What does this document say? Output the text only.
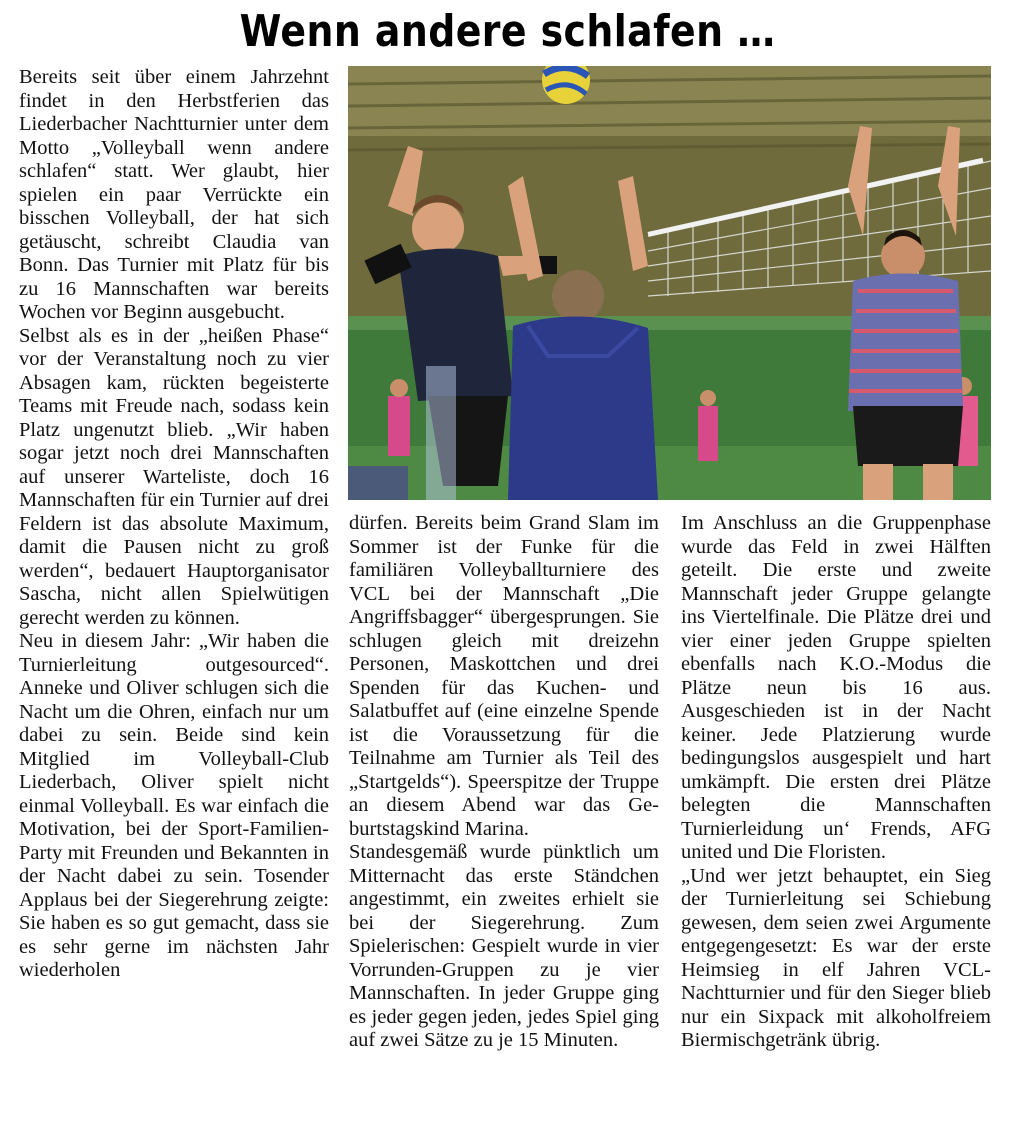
Wenn andere schlafen …

Bereits seit über einem Jahrzehnt findet in den Herbstferien das Liederbacher Nachtturnier unter dem Motto „Volleyball wenn andere schlafen“ statt. Wer glaubt, hier spielen ein paar Verrückte ein bisschen Volleyball, der hat sich getäuscht, schreibt Claudia van Bonn. Das Turnier mit Platz für bis zu 16 Mannschaften war bereits Wochen vor Beginn ausgebucht.

Selbst als es in der „heißen Phase“ vor der Veranstaltung noch zu vier Absagen kam, rückten begeisterte Teams mit Freude nach, sodass kein Platz ungenutzt blieb. „Wir haben sogar jetzt noch drei Mannschaften auf unserer Warteliste, doch 16 Mannschaften für ein Turnier auf drei Feldern ist das absolute Maximum, damit die Pausen nicht zu groß werden“, bedauert Hauptorganisator Sascha, nicht allen Spielwütigen gerecht werden zu können.

Neu in diesem Jahr: „Wir haben die Turnierleitung outgesourced“. Anneke und Oliver schlugen sich die Nacht um die Ohren, einfach nur um dabei zu sein. Beide sind kein Mitglied im Volleyball-Club Liederbach, Oliver spielt nicht einmal Volleyball. Es war einfach die Motivation, bei der Sport-Familien-Party mit Freunden und Bekannten in der Nacht dabei zu sein. Tosender Applaus bei der Siegerehrung zeigte: Sie haben es so gut gemacht, dass sie es sehr gerne im nächsten Jahr wiederholen

dürfen. Bereits beim Grand Slam im Sommer ist der Funke für die familiären Volleyballturniere des VCL bei der Mannschaft „Die Angriffsbagger“ übergesprungen. Sie schlugen gleich mit dreizehn Personen, Maskottchen und drei Spenden für das Kuchen- und Salatbuffet auf (eine einzelne Spende ist die Voraussetzung für die Teilnahme am Turnier als Teil des „Startgelds“). Speerspitze der Truppe an diesem Abend war das Geburtstagskind Marina.

Standesgemäß wurde pünktlich um Mitternacht das erste Ständchen angestimmt, ein zweites erhielt sie bei der Siegerehrung. Zum Spielerischen: Gespielt wurde in vier Vorrunden-Gruppen zu je vier Mannschaften. In jeder Gruppe ging es jeder gegen jeden, jedes Spiel ging auf zwei Sätze zu je 15 Minuten.

Im Anschluss an die Gruppenphase wurde das Feld in zwei Hälften geteilt. Die erste und zweite Mannschaft jeder Gruppe gelangte ins Viertelfinale. Die Plätze drei und vier einer jeden Gruppe spielten ebenfalls nach K.O.-Modus die Plätze neun bis 16 aus. Ausgeschieden ist in der Nacht keiner. Jede Platzierung wurde bedingungslos ausgespielt und hart umkämpft. Die ersten drei Plätze belegten die Mannschaften Turnierleidung un‘ Frends, AFG united und Die Floristen.

„Und wer jetzt behauptet, ein Sieg der Turnierleitung sei Schiebung gewesen, dem seien zwei Argumente entgegengesetzt: Es war der erste Heimsieg in elf Jahren VCL-Nachtturnier und für den Sieger blieb nur ein Sixpack mit alkoholfreiem Biermischgetränk übrig.
